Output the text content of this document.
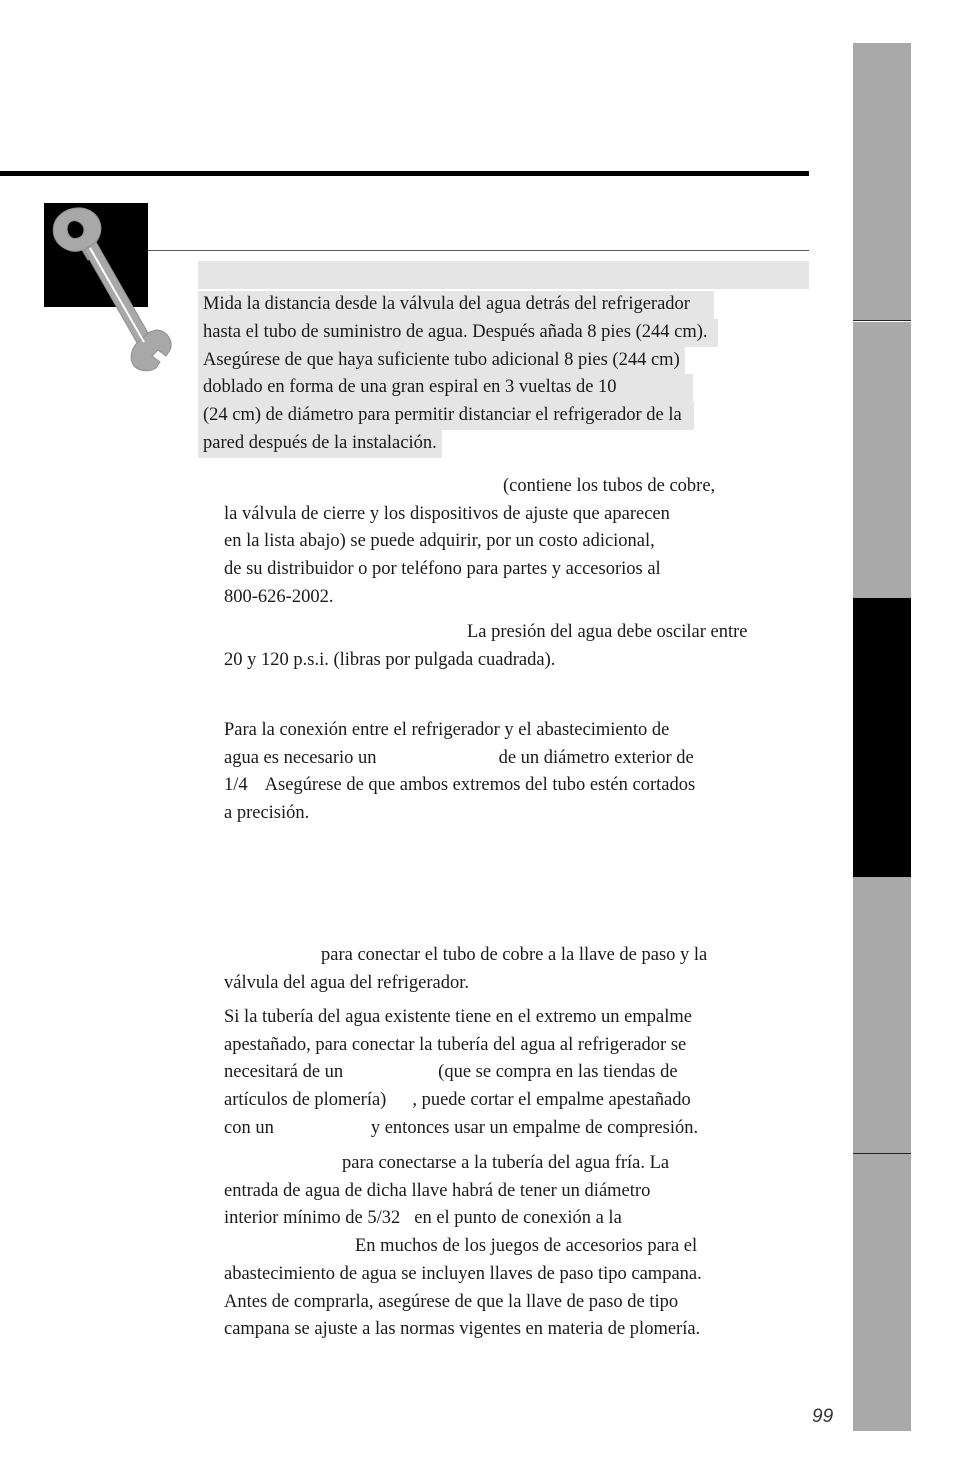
Mida la distancia desde la válvula del agua detrás del refrigerador
hasta el tubo de suministro de agua. Después añada 8 pies (244 cm).
Asegúrese de que haya suficiente tubo adicional 8 pies (244 cm)
doblado en forma de una gran espiral en 3 vueltas de 10
(24 cm) de diámetro para permitir distanciar el refrigerador de la
pared después de la instalación.
(contiene los tubos de cobre,
la válvula de cierre y los dispositivos de ajuste que aparecen
en la lista abajo) se puede adquirir, por un costo adicional,
de su distribuidor o por teléfono para partes y accesorios al
800-626-2002.
La presión del agua debe oscilar entre
20 y 120 p.s.i. (libras por pulgada cuadrada).
Para la conexión entre el refrigerador y el abastecimiento de
agua es necesario un	de un diámetro exterior de
1/4 Asegúrese de que ambos extremos del tubo estén cortados
a precisión.
para conectar el tubo de cobre a la llave de paso y la
válvula del agua del refrigerador.
Si la tubería del agua existente tiene en el extremo un empalme
apestañado, para conectar la tubería del agua al refrigerador se
necesitará de un	(que se compra en las tiendas de
artículos de plomería) , puede cortar el empalme apestañado
con un	y entonces usar un empalme de compresión.
para conectarse a la tubería del agua fría. La
entrada de agua de dicha llave habrá de tener un diámetro
interior mínimo de 5/32 en el punto de conexión a la
En muchos de los juegos de accesorios para el
abastecimiento de agua se incluyen llaves de paso tipo campana.
Antes de comprarla, asegúrese de que la llave de paso de tipo
campana se ajuste a las normas vigentes en materia de plomería.
99
